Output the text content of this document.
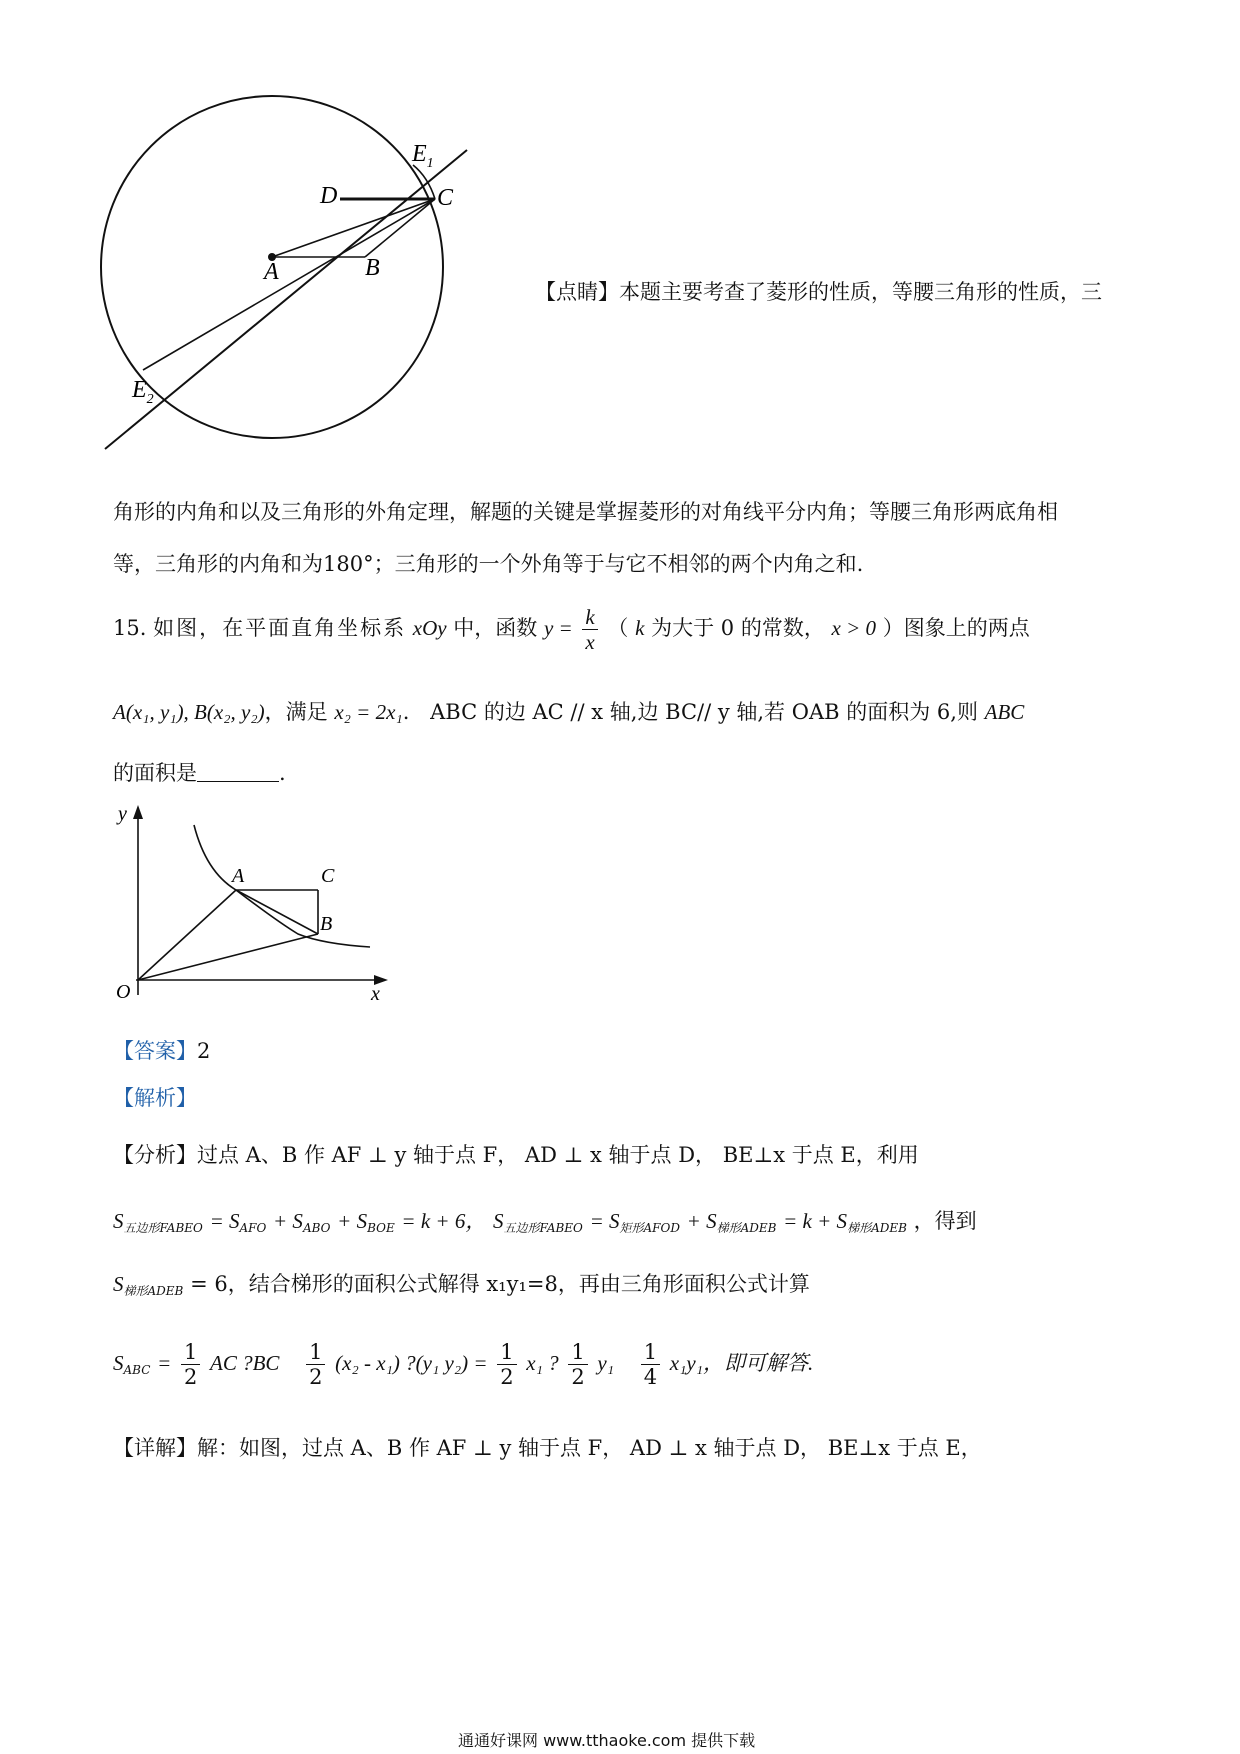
$E_1$
D	C
A	B
$E_2$
【点睛】本题主要考查了菱形的性质，等腰三角形的性质，三
角形的内角和以及三角形的外角定理，解题的关键是掌握菱形的对角线平分内角；等腰三角形两底角相
等，三角形的内角和为180°；三角形的一个外角等于与它不相邻的两个内角之和.
15. 如图，在平面直角坐标系 xOy 中，函数 $y = \frac{k}{x}$ （ k 为大于 0 的常数， x > 0 ）图象上的两点
A(x₁, y₁), B(x₂, y₂)，满足 x₂ = 2x₁. ABC 的边 AC // x 轴,边 BC// y 轴,若 OAB 的面积为 6,则 ABC
的面积是	.
y
A	C
B
O	x
【答案】2
【解析】
【分析】过点 A、B 作 AF ⊥ y 轴于点 F， AD ⊥ x 轴于点 D， BE⊥x 于点 E，利用
$S_{五边形FABEO} = S_{AFO} + S_{ABO} + S_{BOE} = k + 6$， $S_{五边形FABEO} = S_{矩形AFOD} + S_{梯形ADEB} = k + S_{梯形ADEB}$ ，得到
$S_{梯形ADEB} = 6$，结合梯形的面积公式解得 x₁y₁=8，再由三角形面积公式计算
$S_{ABC} = \frac{1}{2}$ AC ?BC $\frac{1}{2} (x_2 - x_1)$ ?(y₁ $y_2) = \frac{1}{2} x_1$ ? $\frac{1}{2} y_1 \frac{1}{4} x_1y_1$，即可解答.
【详解】解：如图，过点 A、B 作 AF ⊥ y 轴于点 F， AD ⊥ x 轴于点 D， BE⊥x 于点 E，
通通好课网 www.tthaoke.com 提供下载
